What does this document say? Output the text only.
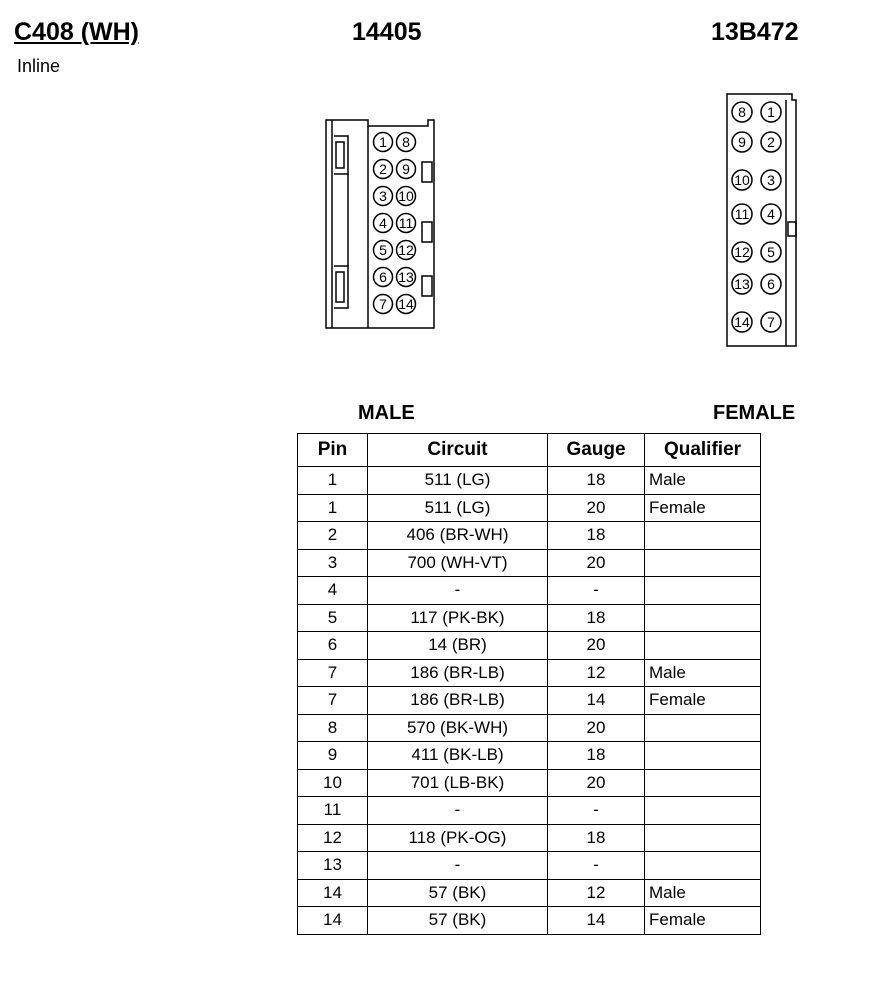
C408 (WH)
Inline
14405	13B472
1 8
2 9
3 10
4 11
5 12
6 13
7 14
8 1
9 2
10 3
11 4
12 5
13 6
14 7
MALE	FEMALE
Pin	Circuit	Gauge	Qualifier
1	511 (LG)	18	Male
1	511 (LG)	20	Female
2	406 (BR-WH)	18	
3	700 (WH-VT)	20	
4	-	-	
5	117 (PK-BK)	18	
6	14 (BR)	20	
7	186 (BR-LB)	12	Male
7	186 (BR-LB)	14	Female
8	570 (BK-WH)	20	
9	411 (BK-LB)	18	
10	701 (LB-BK)	20	
11	-	-	
12	118 (PK-OG)	18	
13	-	-	
14	57 (BK)	12	Male
14	57 (BK)	14	Female
